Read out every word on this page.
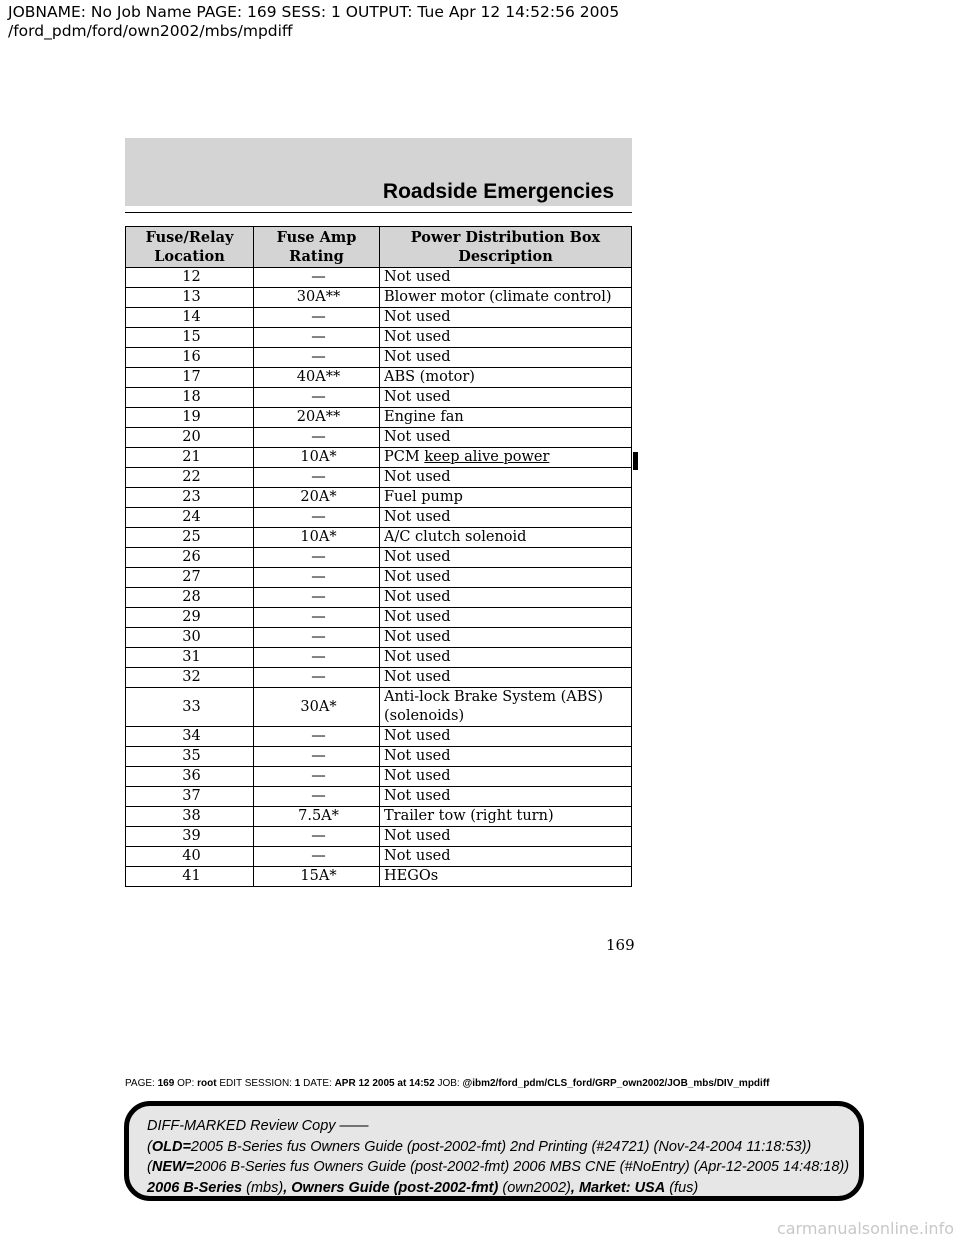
JOBNAME: No Job Name PAGE: 169 SESS: 1 OUTPUT: Tue Apr 12 14:52:56 2005
/ford_pdm/ford/own2002/mbs/mpdiff
Roadside Emergencies
Fuse/Relay Location	Fuse Amp Rating	Power Distribution Box Description
12	—	Not used
13	30A**	Blower motor (climate control)
14	—	Not used
15	—	Not used
16	—	Not used
17	40A**	ABS (motor)
18	—	Not used
19	20A**	Engine fan
20	—	Not used
21	10A*	PCM keep alive power
22	—	Not used
23	20A*	Fuel pump
24	—	Not used
25	10A*	A/C clutch solenoid
26	—	Not used
27	—	Not used
28	—	Not used
29	—	Not used
30	—	Not used
31	—	Not used
32	—	Not used
33	30A*	Anti-lock Brake System (ABS)
(solenoids)
34	—	Not used
35	—	Not used
36	—	Not used
37	—	Not used
38	7.5A*	Trailer tow (right turn)
39	—	Not used
40	—	Not used
41	15A*	HEGOs
169
PAGE: 169 OP: root EDIT SESSION: 1 DATE: APR 12 2005 at 14:52 JOB: @ibm2/ford_pdm/CLS_ford/GRP_own2002/JOB_mbs/DIV_mpdiff
DIFF-MARKED Review Copy ——
(OLD=2005 B-Series fus Owners Guide (post-2002-fmt) 2nd Printing (#24721) (Nov-24-2004 11:18:53))
(NEW=2006 B-Series fus Owners Guide (post-2002-fmt) 2006 MBS CNE (#NoEntry) (Apr-12-2005 14:48:18))
2006 B-Series (mbs), Owners Guide (post-2002-fmt) (own2002), Market: USA (fus)
carmanualsonline.info
